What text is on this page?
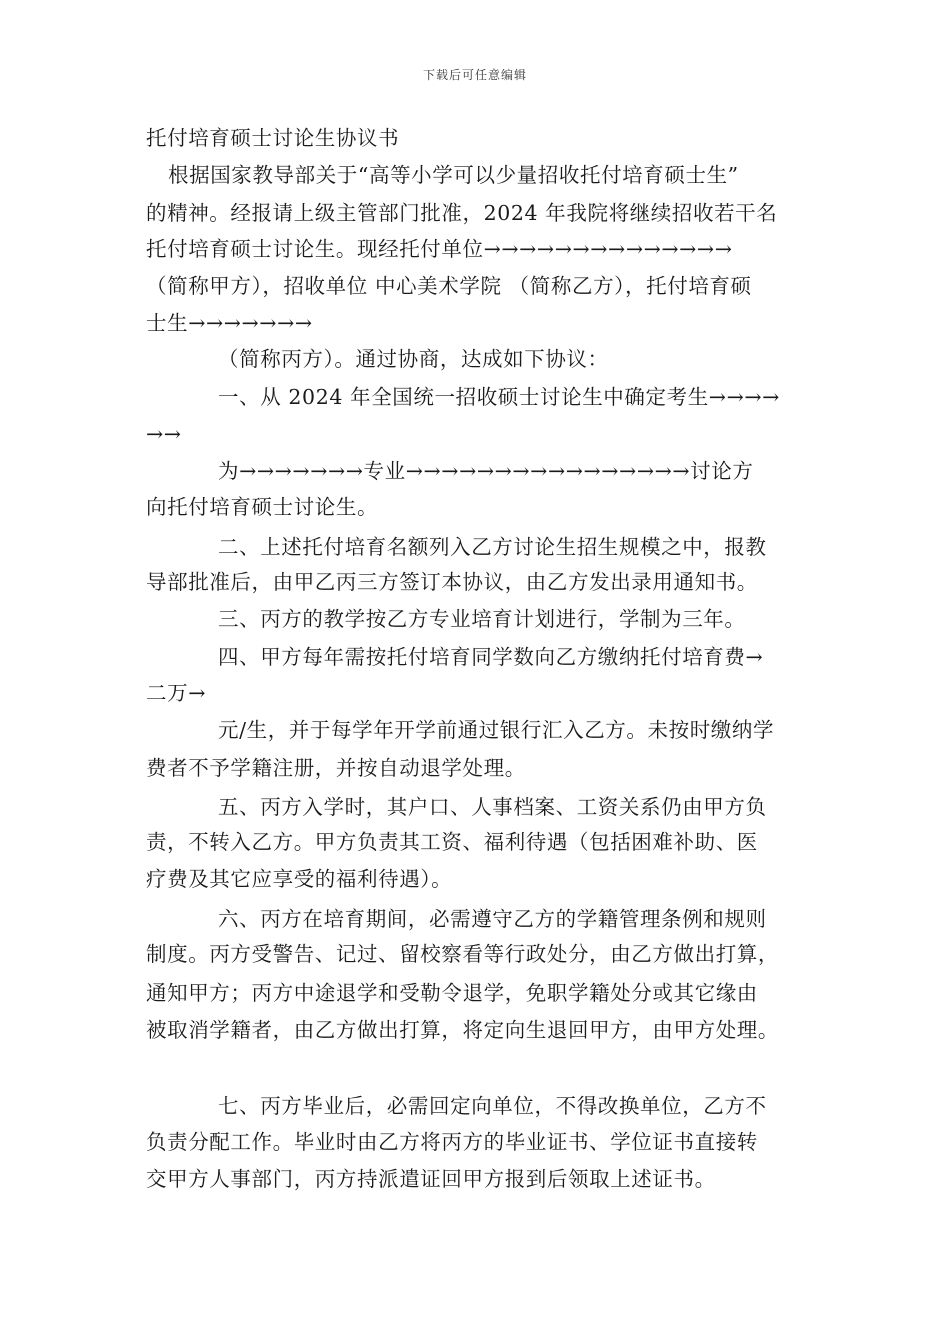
下载后可任意编辑
托付培育硕士讨论生协议书
根据国家教导部关于“高等小学可以少量招收托付培育硕士生”
的精神。经报请上级主管部门批准，2024 年我院将继续招收若干名
托付培育硕士讨论生。现经托付单位→→→→→→→→→→→→→→
（简称甲方），招收单位 中心美术学院 （简称乙方），托付培育硕
士生→→→→→→→
（简称丙方）。通过协商，达成如下协议：
一、从 2024 年全国统一招收硕士讨论生中确定考生→→→→
→→
为→→→→→→→专业→→→→→→→→→→→→→→→→讨论方
向托付培育硕士讨论生。
二、上述托付培育名额列入乙方讨论生招生规模之中，报教
导部批准后，由甲乙丙三方签订本协议，由乙方发出录用通知书。
三、丙方的教学按乙方专业培育计划进行，学制为三年。
四、甲方每年需按托付培育同学数向乙方缴纳托付培育费→
二万→
元/生，并于每学年开学前通过银行汇入乙方。未按时缴纳学
费者不予学籍注册，并按自动退学处理。
五、丙方入学时，其户口、人事档案、工资关系仍由甲方负
责，不转入乙方。甲方负责其工资、福利待遇（包括困难补助、医
疗费及其它应享受的福利待遇）。
六、丙方在培育期间，必需遵守乙方的学籍管理条例和规则
制度。丙方受警告、记过、留校察看等行政处分，由乙方做出打算，
通知甲方；丙方中途退学和受勒令退学，免职学籍处分或其它缘由
被取消学籍者，由乙方做出打算，将定向生退回甲方，由甲方处理。
七、丙方毕业后，必需回定向单位，不得改换单位，乙方不
负责分配工作。毕业时由乙方将丙方的毕业证书、学位证书直接转
交甲方人事部门，丙方持派遣证回甲方报到后领取上述证书。
